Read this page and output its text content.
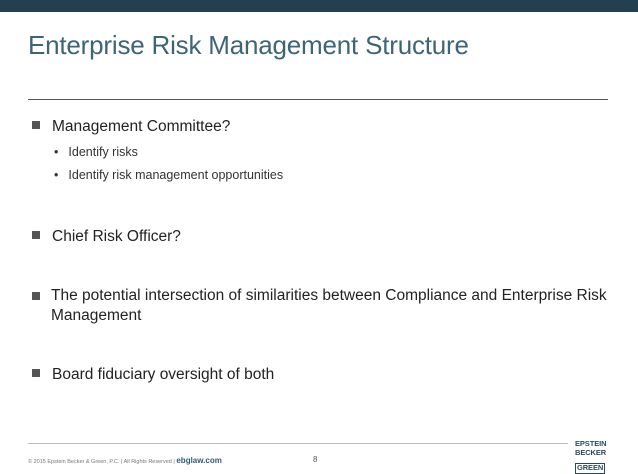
Enterprise Risk Management Structure
Management Committee?
• Identify risks
• Identify risk management opportunities
Chief Risk Officer?
The potential intersection of similarities between Compliance and Enterprise Risk Management
Board fiduciary oversight of both
© 2015 Epstein Becker & Green, P.C. | All Rights Reserved | ebglaw.com	8
EPSTEIN
BECKER
GREEN
